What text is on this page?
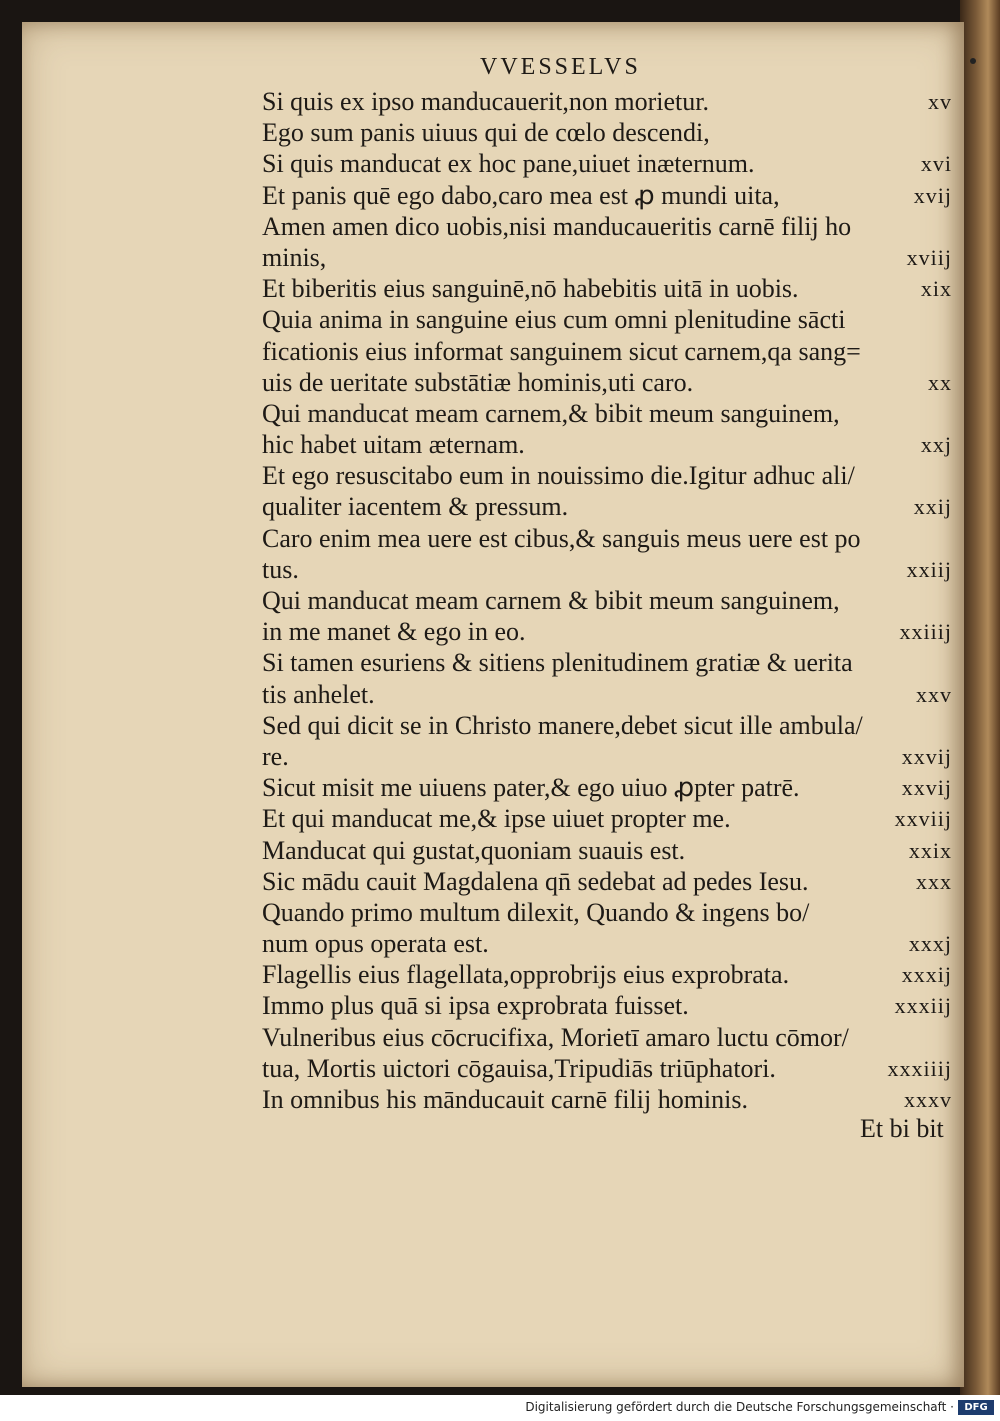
VVESSELVS
Si quis ex ipso manducauerit,non morietur.	xv
Ego sum panis uiuus qui de cœlo descendi,
Si quis manducat ex hoc pane,uiuet inæternum.	xvi
Et panis quē ego dabo,caro mea est ꝓ mundi uita,	xvij
Amen amen dico uobis,nisi manducaueritis carnē filij ho
minis,	xviij
Et biberitis eius sanguinē,nō habebitis uitā in uobis.	xix
Quia anima in sanguine eius cum omni plenitudine sācti
ficationis eius informat sanguinem sicut carnem,qa sang=
uis de ueritate substātiæ hominis,uti caro.	xx
Qui manducat meam carnem,& bibit meum sanguinem,
hic habet uitam æternam.	xxj
Et ego resuscitabo eum in nouissimo die.Igitur adhuc ali/
qualiter iacentem & pressum.	xxij
Caro enim mea uere est cibus,& sanguis meus uere est po
tus.	xxiij
Qui manducat meam carnem & bibit meum sanguinem,
in me manet & ego in eo.	xxiiij
Si tamen esuriens & sitiens plenitudinem gratiæ & uerita
tis anhelet.	xxv
Sed qui dicit se in Christo manere,debet sicut ille ambula/
re.	xxvij
Sicut misit me uiuens pater,& ego uiuo ꝓpter patrē.	xxvij
Et qui manducat me,& ipse uiuet propter me.	xxviij
Manducat qui gustat,quoniam suauis est.	xxix
Sic mādu cauit Magdalena qn̄ sedebat ad pedes Iesu.	xxx
Quando primo multum dilexit, Quando & ingens bo/
num opus operata est.	xxxj
Flagellis eius flagellata,opprobrijs eius exprobrata.	xxxij
Immo plus quā si ipsa exprobrata fuisset.	xxxiij
Vulneribus eius cōcrucifixa, Morietī amaro luctu cōmor/
tua, Mortis uictori cōgauisa,Tripudiās triūphatori.	xxxiiij
In omnibus his mānducauit carnē filij hominis.	xxxv
Et bi bit
Digitalisierung gefördert durch die Deutsche Forschungsgemeinschaft ·	DFG
